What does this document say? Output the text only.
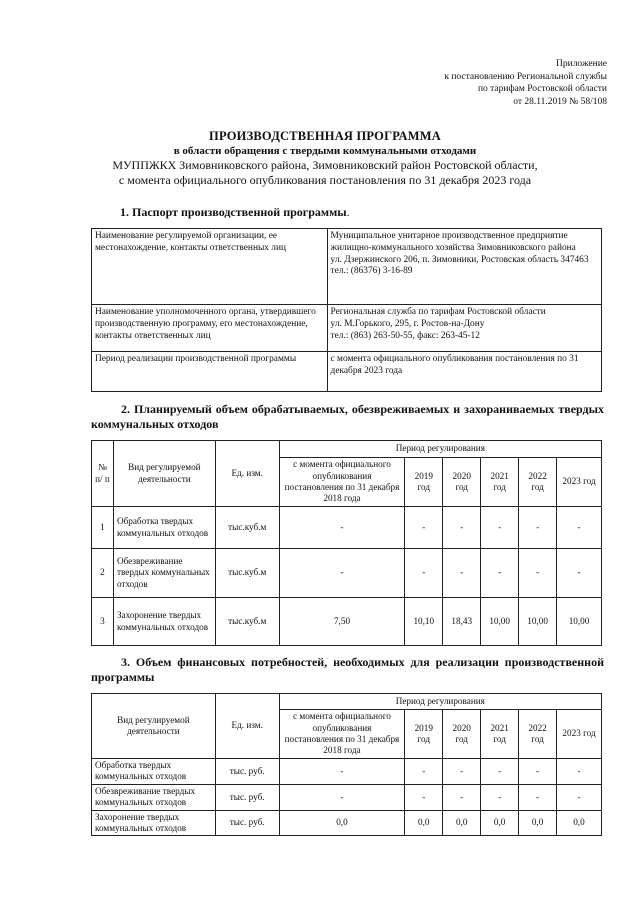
Приложение
к постановлению Региональной службы
по тарифам Ростовской области
от 28.11.2019 № 58/108
ПРОИЗВОДСТВЕННАЯ ПРОГРАММА
в области обращения с твердыми коммунальными отходами
МУППЖКХ Зимовниковского района, Зимовниковский район Ростовской области,
с момента официального опубликования постановления по 31 декабря 2023 года
1. Паспорт производственной программы.
Наименование регулируемой организации, ее местонахождение, контакты ответственных лиц	Муниципальное унитарное производственное предприятие жилищно-коммунального хозяйства Зимовниковского района
ул. Дзержинского 206, п. Зимовники, Ростовская область 347463
тел.: (86376) 3-16-89

Наименование уполномоченного органа, утвердившего производственную программу, его местонахождение, контакты ответственных лиц	Региональная служба по тарифам Ростовской области
ул. М.Горького, 295, г. Ростов-на-Дону
тел.: (863) 263-50-55, факс: 263-45-12

Период реализации производственной программы	с момента официального опубликования постановления по 31 декабря 2023 года
2. Планируемый объем обрабатываемых, обезвреживаемых и захораниваемых твердых коммунальных отходов
№ п/ п	Вид регулируемой деятельности	Ед. изм.	Период регулирования					
			с момента официального опубликования постановления по 31 декабря 2018 года	2019 год	2020 год	2021 год	2022 год	2023 год
1	Обработка твердых коммунальных отходов	тыс.куб.м	-	-	-	-	-	-
2	Обезвреживание твердых коммунальных отходов	тыс.куб.м	-	-	-	-	-	-
3	Захоронение твердых коммунальных отходов	тыс.куб.м	7,50	10,10	18,43	10,00	10,00	10,00
3. Объем финансовых потребностей, необходимых для реализации производственной программы
Вид регулируемой деятельности	Ед. изм.	Период регулирования					
		с момента официального опубликования постановления по 31 декабря 2018 года	2019 год	2020 год	2021 год	2022 год	2023 год
Обработка твердых коммунальных отходов	тыс. руб.	-	-	-	-	-	-
Обезвреживание твердых коммунальных отходов	тыс. руб.	-	-	-	-	-	-
Захоронение твердых коммунальных отходов	тыс. руб.	0,0	0,0	0,0	0,0	0,0	0,0
